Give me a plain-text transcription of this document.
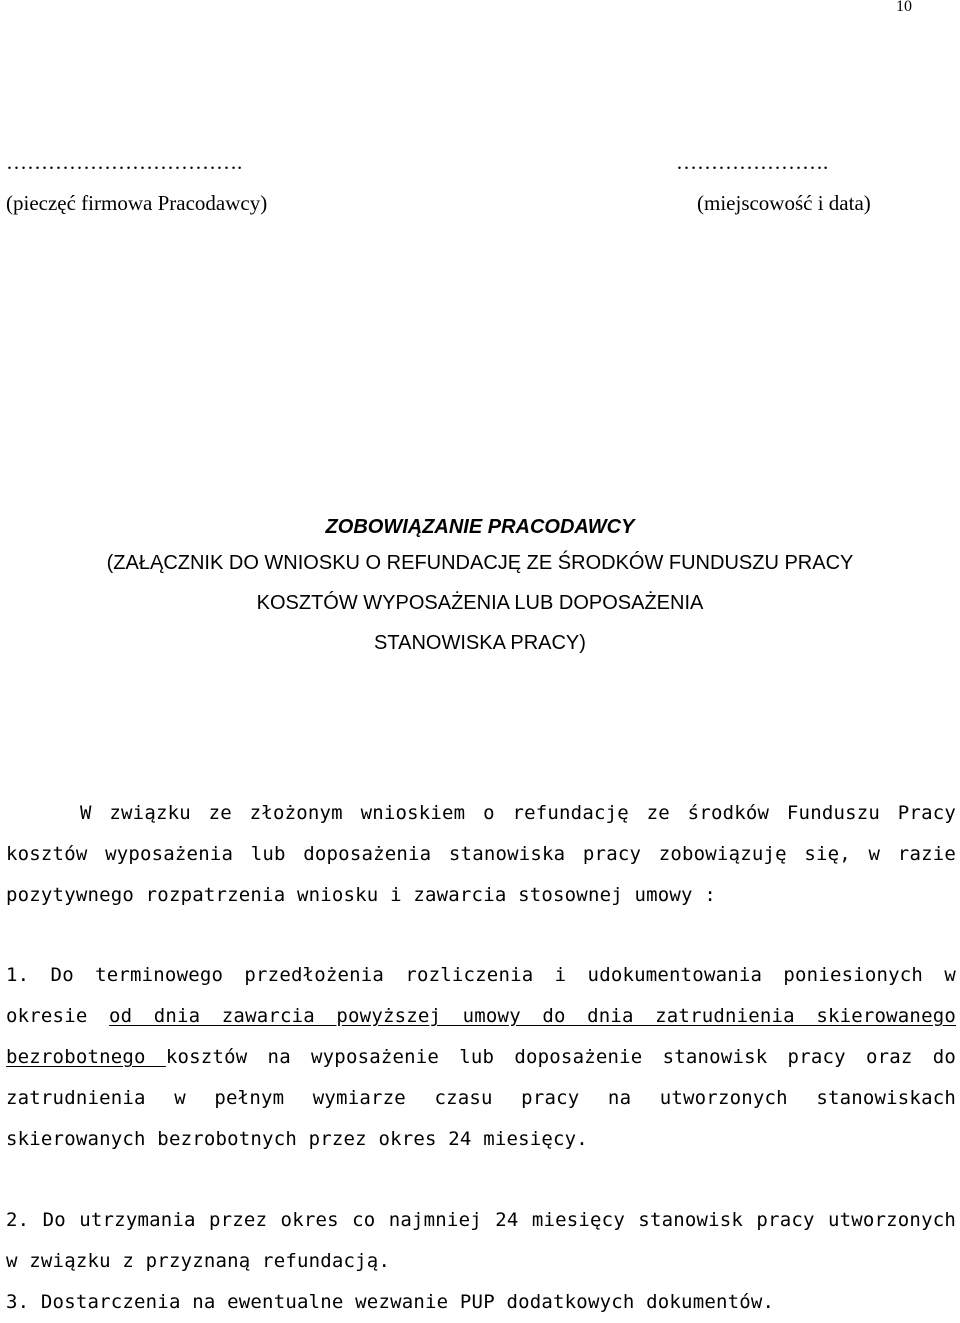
10
…………………………….	………………….
(pieczęć firmowa Pracodawcy)	(miejscowość i data)

ZOBOWIĄZANIE PRACODAWCY

(ZAŁĄCZNIK DO WNIOSKU O REFUNDACJĘ ZE ŚRODKÓW FUNDUSZU PRACY

KOSZTÓW WYPOSAŻENIA LUB DOPOSAŻENIA

STANOWISKA PRACY)

W związku ze złożonym wnioskiem o refundację ze środków Funduszu Pracy kosztów wyposażenia lub doposażenia stanowiska pracy zobowiązuję się, w razie pozytywnego rozpatrzenia wniosku i zawarcia stosownej umowy :
1. Do terminowego przedłożenia rozliczenia i udokumentowania poniesionych w okresie od dnia zawarcia powyższej umowy do dnia zatrudnienia skierowanego bezrobotnego kosztów na wyposażenie lub doposażenie stanowisk pracy oraz do zatrudnienia w pełnym wymiarze czasu pracy na utworzonych stanowiskach skierowanych bezrobotnych przez okres 24 miesięcy.
2. Do utrzymania przez okres co najmniej 24 miesięcy stanowisk pracy utworzonych w związku z przyznaną refundacją.
3. Dostarczenia na ewentualne wezwanie PUP dodatkowych dokumentów.
